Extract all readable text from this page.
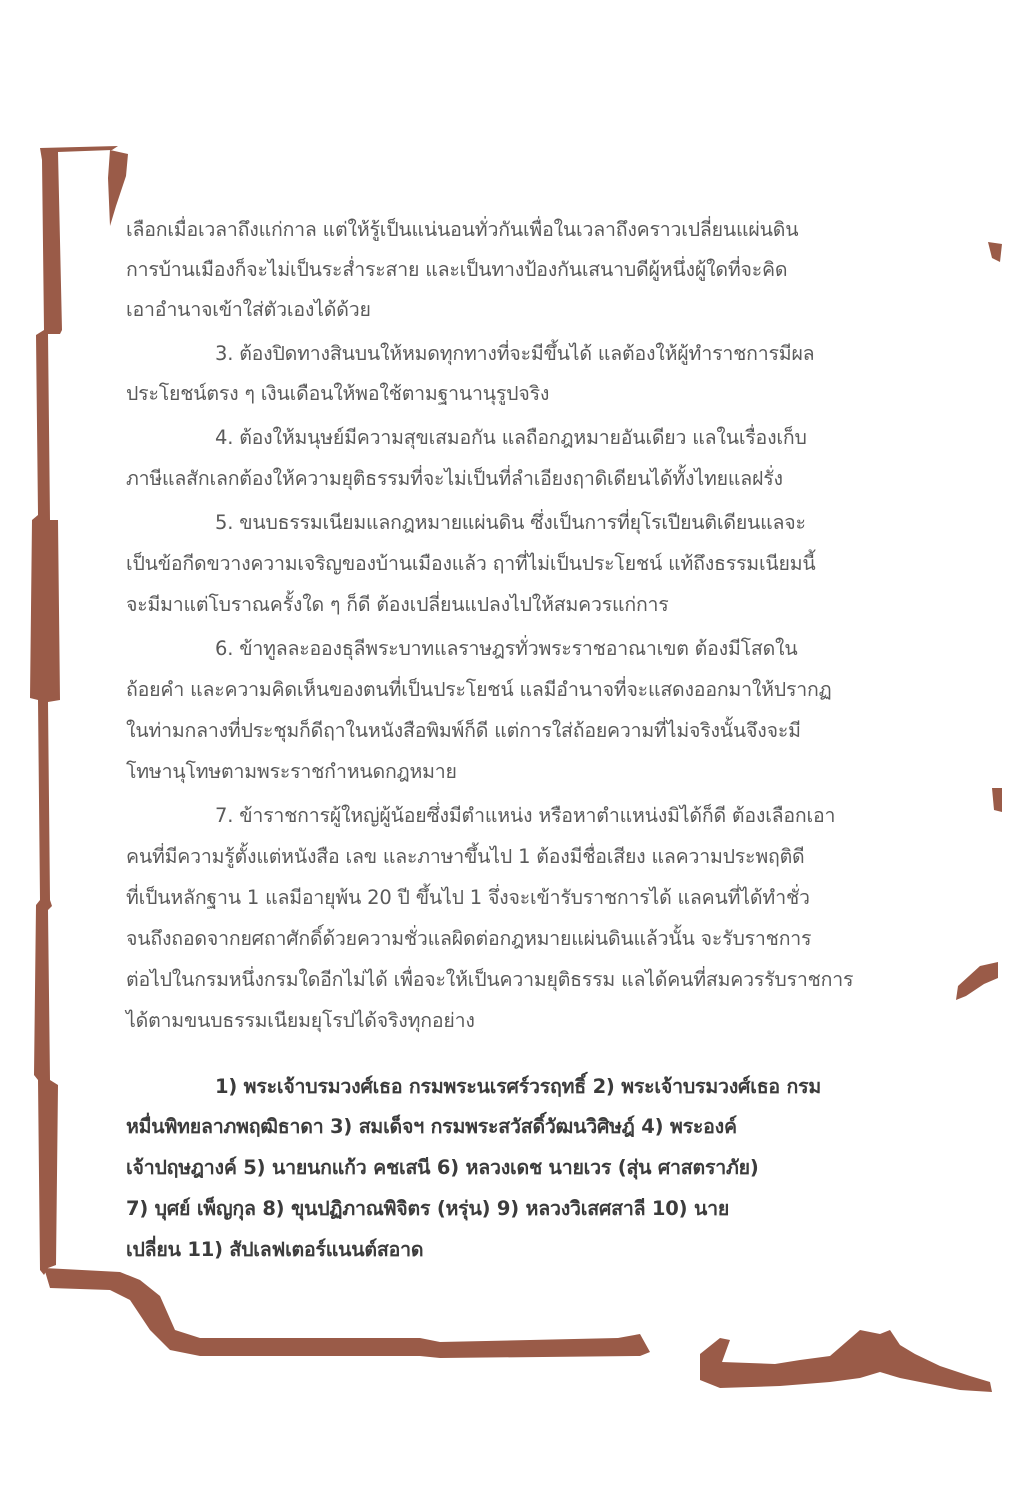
เลือกเมื่อเวลาถึงแก่กาล แต่ให้รู้เป็นแน่นอนทั่วกันเพื่อในเวลาถึงคราวเปลี่ยนแผ่นดิน
การบ้านเมืองก็จะไม่เป็นระส่ำระสาย และเป็นทางป้องกันเสนาบดีผู้หนึ่งผู้ใดที่จะคิด
เอาอำนาจเข้าใส่ตัวเองได้ด้วย
3. ต้องปิดทางสินบนให้หมดทุกทางที่จะมีขึ้นได้ แลต้องให้ผู้ทำราชการมีผล
ประโยชน์ตรง ๆ เงินเดือนให้พอใช้ตามฐานานุรูปจริง
4. ต้องให้มนุษย์มีความสุขเสมอกัน แลถือกฎหมายอันเดียว แลในเรื่องเก็บ
ภาษีแลสักเลกต้องให้ความยุติธรรมที่จะไม่เป็นที่ลำเอียงฤาดิเดียนได้ทั้งไทยแลฝรั่ง
5. ขนบธรรมเนียมแลกฎหมายแผ่นดิน ซึ่งเป็นการที่ยุโรเปียนติเดียนแลจะ
เป็นข้อกีดขวางความเจริญของบ้านเมืองแล้ว ฤาที่ไม่เป็นประโยชน์ แท้ถึงธรรมเนียมนี้
จะมีมาแต่โบราณครั้งใด ๆ ก็ดี ต้องเปลี่ยนแปลงไปให้สมควรแก่การ
6. ข้าทูลละอองธุลีพระบาทแลราษฎรทั่วพระราชอาณาเขต ต้องมีโสดใน
ถ้อยคำ และความคิดเห็นของตนที่เป็นประโยชน์ แลมีอำนาจที่จะแสดงออกมาให้ปรากฏ
ในท่ามกลางที่ประชุมก็ดีฤาในหนังสือพิมพ์ก็ดี แต่การใส่ถ้อยความที่ไม่จริงนั้นจึงจะมี
โทษานุโทษตามพระราชกำหนดกฎหมาย
7. ข้าราชการผู้ใหญ่ผู้น้อยซึ่งมีตำแหน่ง หรือหาตำแหน่งมิได้ก็ดี ต้องเลือกเอา
คนที่มีความรู้ตั้งแต่หนังสือ เลข และภาษาขึ้นไป 1 ต้องมีชื่อเสียง แลความประพฤติดี
ที่เป็นหลักฐาน 1 แลมีอายุพ้น 20 ปี ขึ้นไป 1 จึ่งจะเข้ารับราชการได้ แลคนที่ได้ทำชั่ว
จนถึงถอดจากยศถาศักดิ์ด้วยความชั่วแลผิดต่อกฎหมายแผ่นดินแล้วนั้น จะรับราชการ
ต่อไปในกรมหนึ่งกรมใดอีกไม่ได้ เพื่อจะให้เป็นความยุติธรรม แลได้คนที่สมควรรับราชการ
ได้ตามขนบธรรมเนียมยุโรปได้จริงทุกอย่าง
1) พระเจ้าบรมวงศ์เธอ กรมพระนเรศร์วรฤทธิ์ 2) พระเจ้าบรมวงศ์เธอ กรม
หมื่นพิทยลาภพฤฒิธาดา 3) สมเด็จฯ กรมพระสวัสดิ์วัฒนวิศิษฎ์ 4) พระองค์
เจ้าปฤษฎางค์ 5) นายนกแก้ว คชเสนี 6) หลวงเดช นายเวร (สุ่น ศาสตราภัย)
7) บุศย์ เพ็ญกุล 8) ขุนปฏิภาณพิจิตร (หรุ่น) 9) หลวงวิเสศสาลี 10) นาย
เปลี่ยน 11) สัปเลฟเตอร์แนนต์สอาด
